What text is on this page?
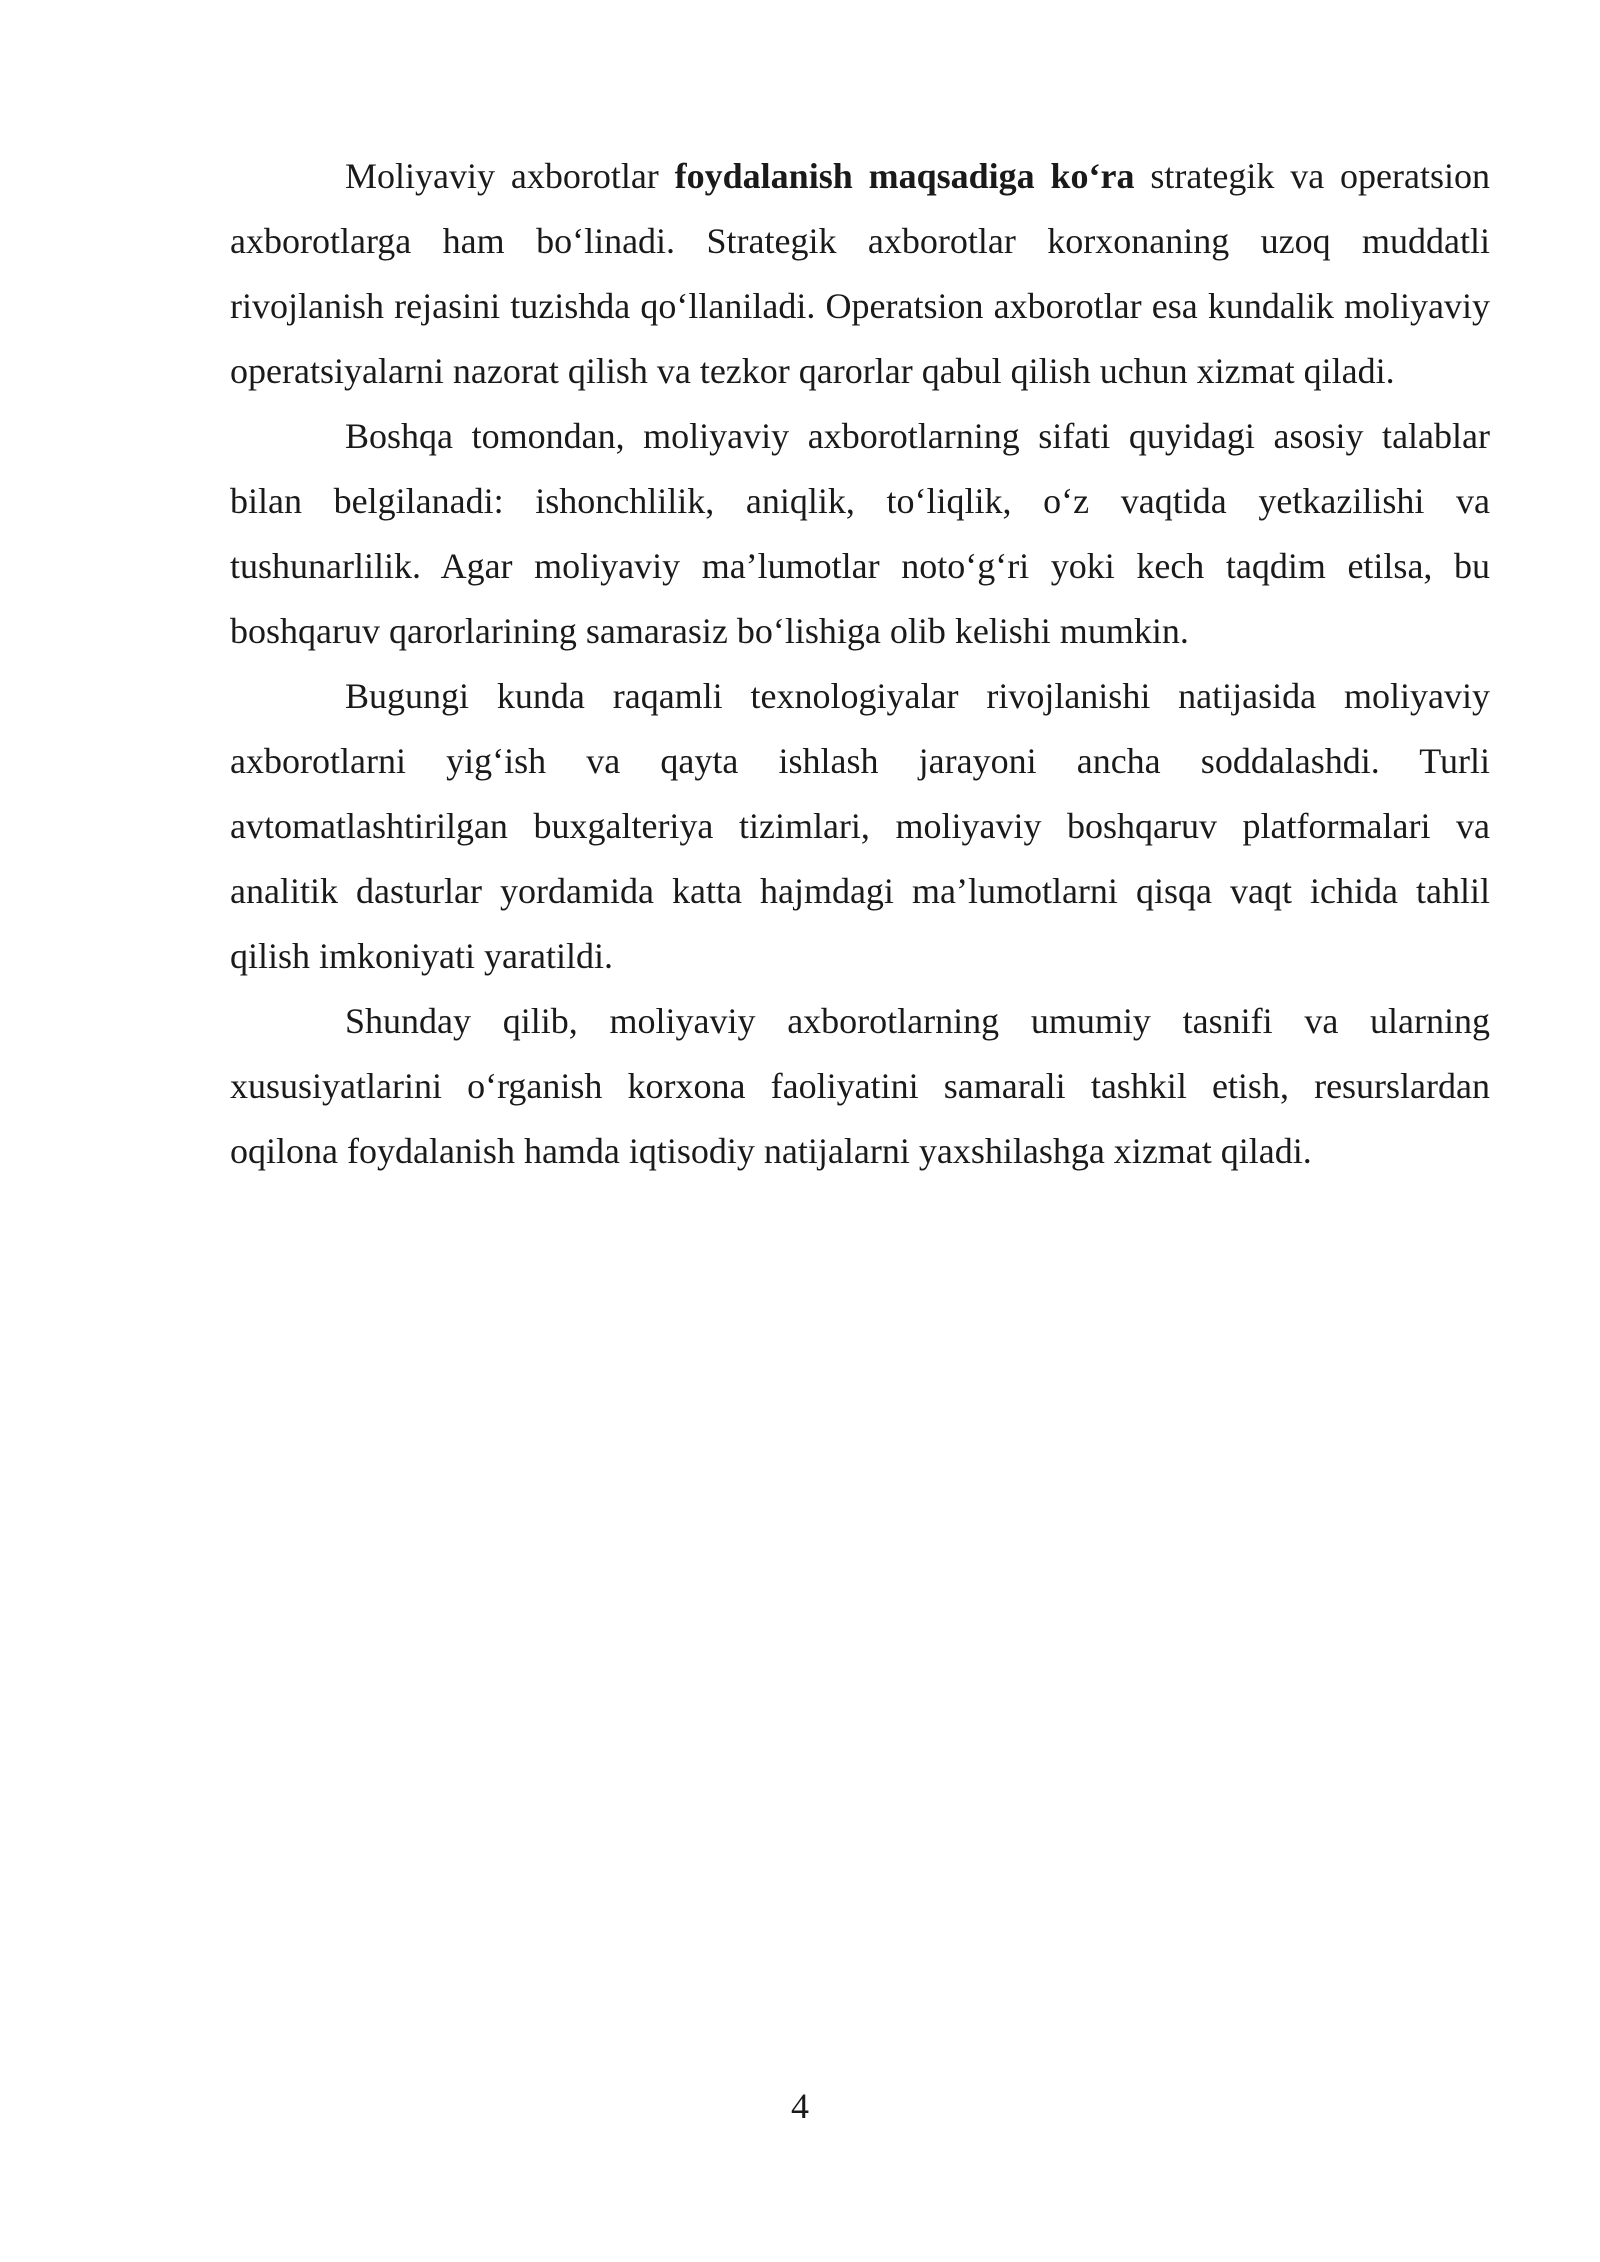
Moliyaviy axborotlar foydalanish maqsadiga ko‘ra strategik va operatsion axborotlarga ham bo‘linadi. Strategik axborotlar korxonaning uzoq muddatli rivojlanish rejasini tuzishda qo‘llaniladi. Operatsion axborotlar esa kundalik moliyaviy operatsiyalarni nazorat qilish va tezkor qarorlar qabul qilish uchun xizmat qiladi.

Boshqa tomondan, moliyaviy axborotlarning sifati quyidagi asosiy talablar bilan belgilanadi: ishonchlilik, aniqlik, to‘liqlik, o‘z vaqtida yetkazilishi va tushunarlilik. Agar moliyaviy ma’lumotlar noto‘g‘ri yoki kech taqdim etilsa, bu boshqaruv qarorlarining samarasiz bo‘lishiga olib kelishi mumkin.

Bugungi kunda raqamli texnologiyalar rivojlanishi natijasida moliyaviy axborotlarni yig‘ish va qayta ishlash jarayoni ancha soddalashdi. Turli avtomatlashtirilgan buxgalteriya tizimlari, moliyaviy boshqaruv platformalari va analitik dasturlar yordamida katta hajmdagi ma’lumotlarni qisqa vaqt ichida tahlil qilish imkoniyati yaratildi.

Shunday qilib, moliyaviy axborotlarning umumiy tasnifi va ularning xususiyatlarini o‘rganish korxona faoliyatini samarali tashkil etish, resurslardan oqilona foydalanish hamda iqtisodiy natijalarni yaxshilashga xizmat qiladi.

4
